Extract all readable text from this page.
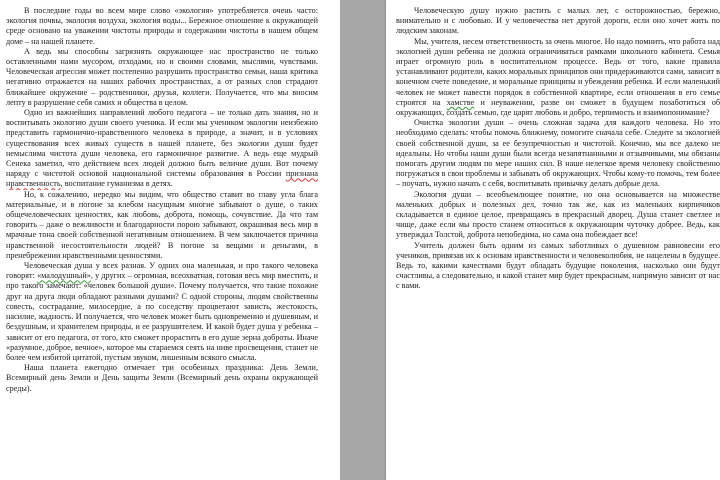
В последние годы во всем мире слово «экология» употребляется очень часто: экология почвы, экология воздуха, экология воды... Бережное отношение к окружающей среде основано на уважении чистоты природы и содержании чистоты в нашем общем доме – на нашей планете.

А ведь мы способны загрязнять окружающее нас пространство не только оставленными нами мусором, отходами, но и своими словами, мыслями, чувствами. Человеческая агрессия может постепенно разрушить пространство семьи, наша критика негативно отражается на наших рабочих пространствах, а от разных слов страдают ближайшее окружение – родственники, друзья, коллеги. Получается, что мы вносим лепту в разрушение себя самих и общества в целом.

Одно из важнейших направлений любого педагога – не только дать знания, но и воспитывать экологию души своего ученика. И если мы учеником экологии неизбежно представить гармонично-нравственного человека в природе, а значит, и в условиях существования всех живых существ в нашей планете, без экологии души будет немыслима чистота души человека, его гармоничное развитие. А ведь еще мудрый Сенека заметил, что действием всех людей должно быть величие души. Вот почему наряду с чистотой основой национальной системы образования в России признана нравственность, воспитание гуманизма в детях.

Но, к сожалению, нередко мы видим, что общество ставит во главу угла блага материальные, и в погоне за клебом насущным многие забывают о душе, о таких общечеловеческих ценностях, как любовь, доброта, помощь, сочувствие. Да что там говорить – даже о вежливости и благодарности порою забывают, окрашивая весь мир в мрачные тона своей собственной негативным отношением. В чем заключается причина нравственной несостоятельности людей? В погоне за вещами и деньгами, в пренебрежении нравственными ценностями.

Человеческая душа у всех разная. У одних она маленькая, и про такого человека говорят: «малодушный», у других – огромная, всеохватная, готовая весь мир вместить, и про такого замечают: «человек большой души». Почему получается, что такие похожие друг на друга люди обладают разными душами? С одной стороны, людям свойственны совесть, сострадание, милосердие, а по соседству процветают зависть, жестокость, насилие, жадность. И получается, что человек может быть одновременно и душевным, и бездушным, и хранителем природы, и ее разрушителем. И какой будет душа у ребенка – зависит от его педагога, от того, кто сможет прорастить в его душе зерна доброты. Иначе «разумное, доброе, вечное», которое мы стараемся сеять на ниве просвещения, станет не более чем избитой цитатой, пустым звуком, лишенным всякого смысла.

Наша планета ежегодно отмечает три особенных праздника: День Земли, Всемирный день Земли и День защиты Земли (Всемирный день охраны окружающей среды).

Человеческую душу нужно растить с малых лет, с осторожностью, бережно, внимательно и с любовью. И у человечества нет другой дороги, если оно хочет жить по людским законам.

Мы, учителя, несем ответственность за очень многое. Но надо помнить, что работа над экологией души ребенка не должна ограничиваться рамками школьного кабинета. Семья играет огромную роль в воспитательном процессе. Ведь от того, какие правила устанавливают родители, каких моральных принципов они придерживаются сами, зависит в конечном счете поведение, и моральные принципы и убеждения ребенка. И если маленький человек не может навести порядок в собственной квартире, если отношения в его семье строятся на хамстве и неуважении, разве он сможет в будущем позаботиться об окружающих, создать семью, где царят любовь и добро, терпимость и взаимопонимание?

Очистка экологии души – очень сложная задача для каждого человека. Но это необходимо сделать: чтобы помочь ближнему, помогите сначала себе. Следите за экологией своей собственной души, за ее безупречностью и чистотой. Конечно, мы все далеко не идеальны. Но чтобы наши души были всегда незапятнанными и отзывчивыми, мы обязаны помогать другим людям по мере наших сил. В наше нелегкое время человеку свойственно погружаться в свои проблемы и забывать об окружающих. Чтобы кому-то помочь, тем более – поучать, нужно начать с себя, воспитывать привычку делать добрые дела.

Экология души – всеобъемлющее понятие, но она основывается на множестве маленьких добрых и полезных дел, точно так же, как из маленьких кирпичиков складывается в единое целое, превращаясь в прекрасный дворец. Душа станет светлее и чище, даже если мы просто станем относиться к окружающим чуточку добрее. Ведь, как утверждал Толстой, доброта непобедима, но сама она побеждает все!

Учитель должен быть одним из самых заботливых о душевном равновесии его учеников, привязав их к основам нравственности и человеколюбия, не нацелены в будущее. Ведь то, какими качествами будут обладать будущие поколения, насколько они будут счастливы, а следовательно, и какой станет мир будет прекрасным, напрямую зависит от нас с вами.
